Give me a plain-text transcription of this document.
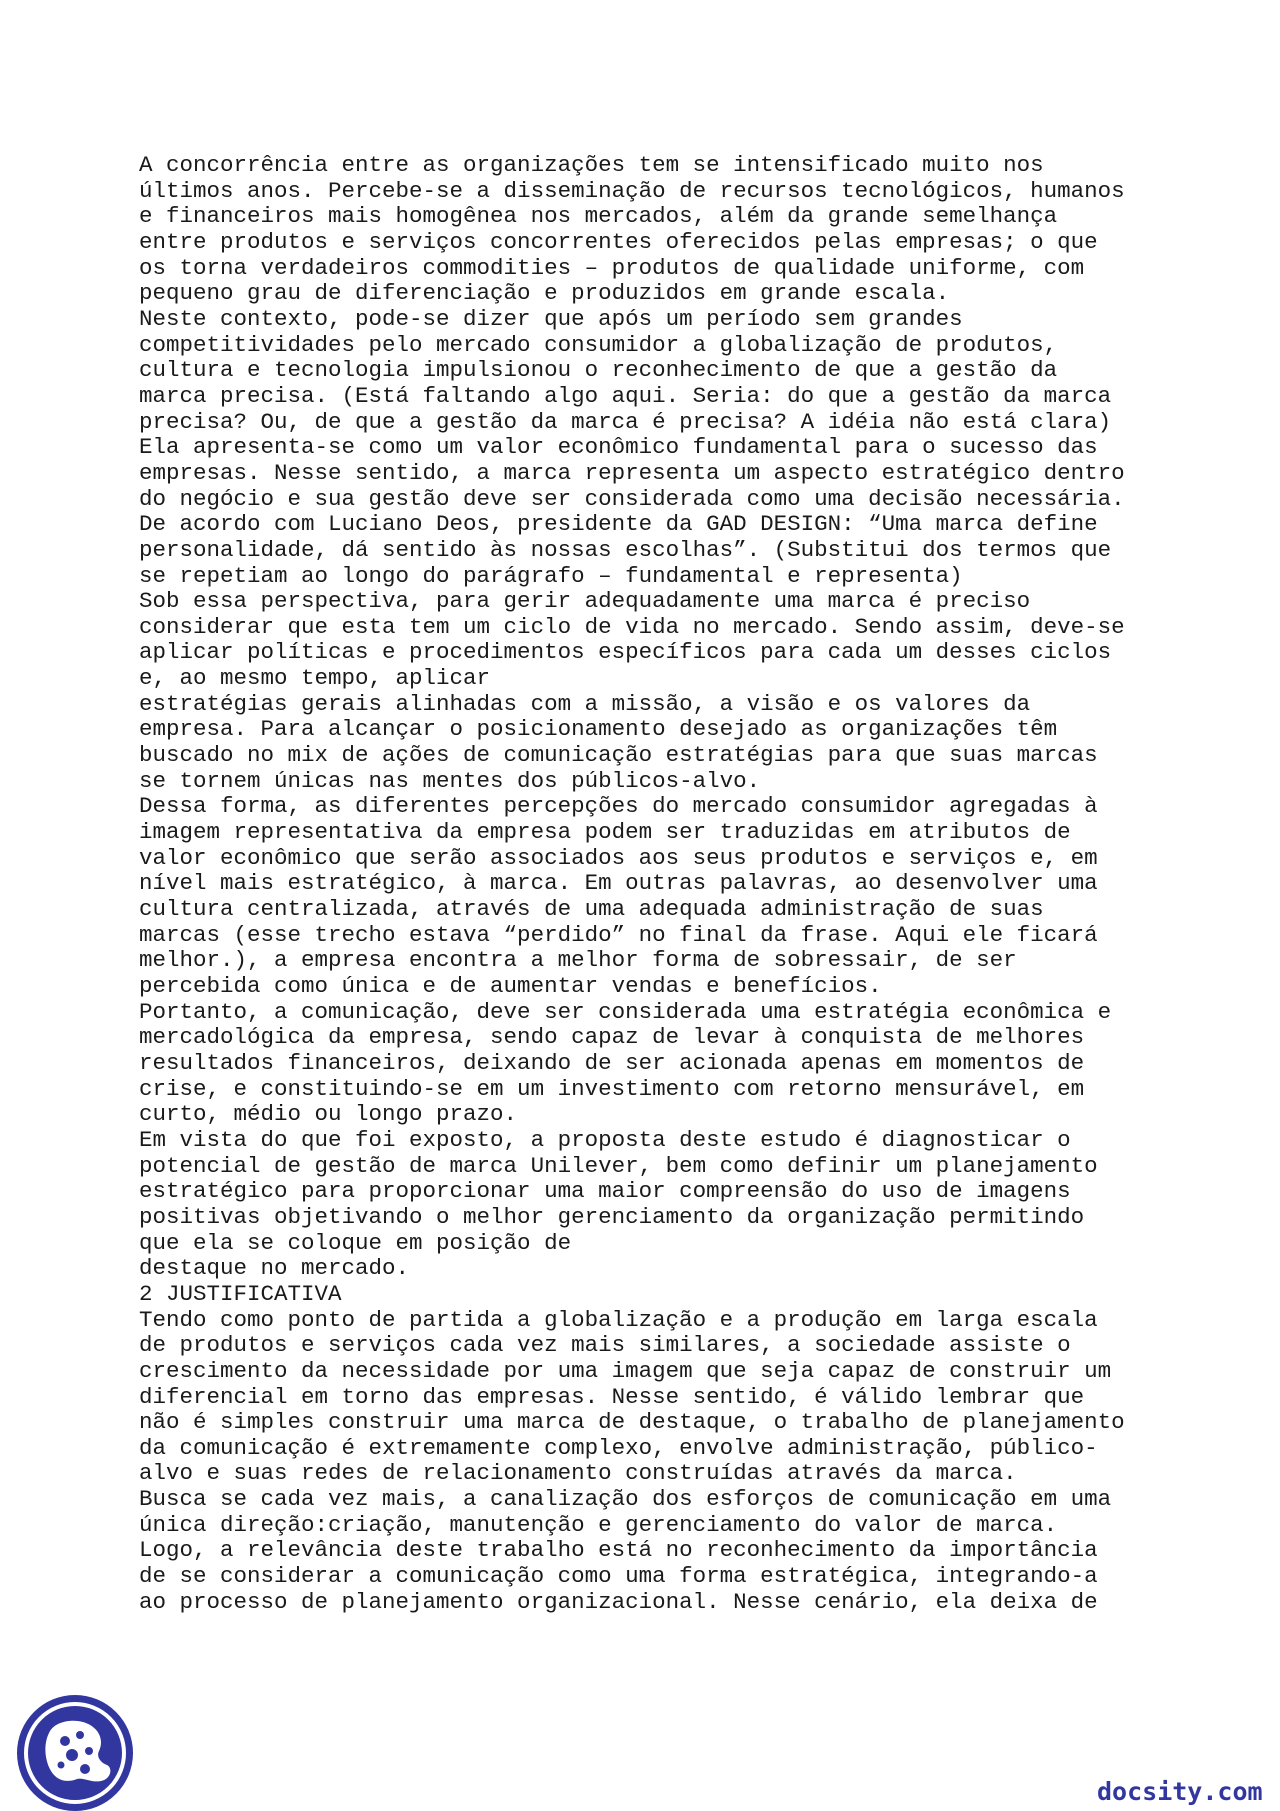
A concorrência entre as organizações tem se intensificado muito nos
últimos anos. Percebe-se a disseminação de recursos tecnológicos, humanos
e financeiros mais homogênea nos mercados, além da grande semelhança
entre produtos e serviços concorrentes oferecidos pelas empresas; o que
os torna verdadeiros commodities – produtos de qualidade uniforme, com
pequeno grau de diferenciação e produzidos em grande escala.
Neste contexto, pode-se dizer que após um período sem grandes
competitividades pelo mercado consumidor a globalização de produtos,
cultura e tecnologia impulsionou o reconhecimento de que a gestão da
marca precisa. (Está faltando algo aqui. Seria: do que a gestão da marca
precisa? Ou, de que a gestão da marca é precisa? A idéia não está clara)
Ela apresenta-se como um valor econômico fundamental para o sucesso das
empresas. Nesse sentido, a marca representa um aspecto estratégico dentro
do negócio e sua gestão deve ser considerada como uma decisão necessária.
De acordo com Luciano Deos, presidente da GAD DESIGN: “Uma marca define
personalidade, dá sentido às nossas escolhas”. (Substitui dos termos que
se repetiam ao longo do parágrafo – fundamental e representa)
Sob essa perspectiva, para gerir adequadamente uma marca é preciso
considerar que esta tem um ciclo de vida no mercado. Sendo assim, deve-se
aplicar políticas e procedimentos específicos para cada um desses ciclos
e, ao mesmo tempo, aplicar
estratégias gerais alinhadas com a missão, a visão e os valores da
empresa. Para alcançar o posicionamento desejado as organizações têm
buscado no mix de ações de comunicação estratégias para que suas marcas
se tornem únicas nas mentes dos públicos-alvo.
Dessa forma, as diferentes percepções do mercado consumidor agregadas à
imagem representativa da empresa podem ser traduzidas em atributos de
valor econômico que serão associados aos seus produtos e serviços e, em
nível mais estratégico, à marca. Em outras palavras, ao desenvolver uma
cultura centralizada, através de uma adequada administração de suas
marcas (esse trecho estava “perdido” no final da frase. Aqui ele ficará
melhor.), a empresa encontra a melhor forma de sobressair, de ser
percebida como única e de aumentar vendas e benefícios.
Portanto, a comunicação, deve ser considerada uma estratégia econômica e
mercadológica da empresa, sendo capaz de levar à conquista de melhores
resultados financeiros, deixando de ser acionada apenas em momentos de
crise, e constituindo-se em um investimento com retorno mensurável, em
curto, médio ou longo prazo.
Em vista do que foi exposto, a proposta deste estudo é diagnosticar o
potencial de gestão de marca Unilever, bem como definir um planejamento
estratégico para proporcionar uma maior compreensão do uso de imagens
positivas objetivando o melhor gerenciamento da organização permitindo
que ela se coloque em posição de
destaque no mercado.
2 JUSTIFICATIVA
Tendo como ponto de partida a globalização e a produção em larga escala
de produtos e serviços cada vez mais similares, a sociedade assiste o
crescimento da necessidade por uma imagem que seja capaz de construir um
diferencial em torno das empresas. Nesse sentido, é válido lembrar que
não é simples construir uma marca de destaque, o trabalho de planejamento
da comunicação é extremamente complexo, envolve administração, público-
alvo e suas redes de relacionamento construídas através da marca.
Busca se cada vez mais, a canalização dos esforços de comunicação em uma
única direção:criação, manutenção e gerenciamento do valor de marca.
Logo, a relevância deste trabalho está no reconhecimento da importância
de se considerar a comunicação como uma forma estratégica, integrando-a
ao processo de planejamento organizacional. Nesse cenário, ela deixa de
docsity.com
